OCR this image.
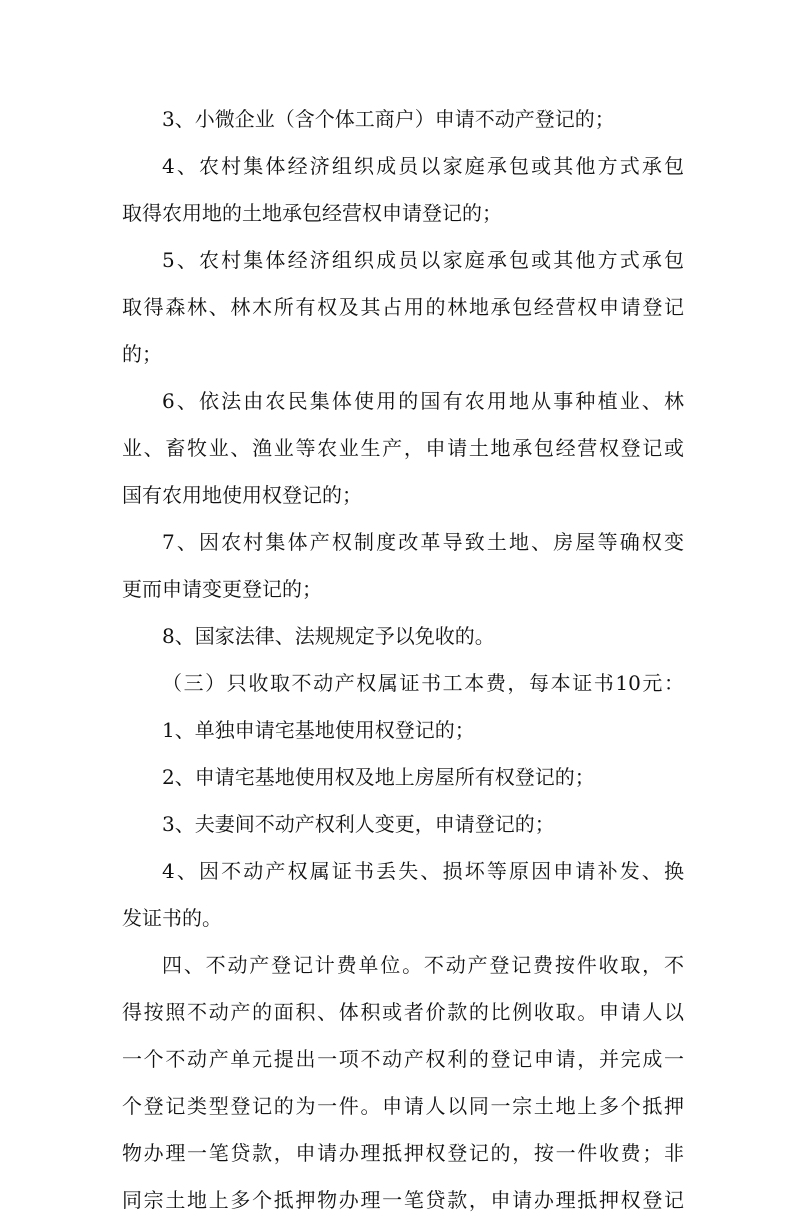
3、小微企业（含个体工商户）申请不动产登记的；
4、农村集体经济组织成员以家庭承包或其他方式承包
取得农用地的土地承包经营权申请登记的；
5、农村集体经济组织成员以家庭承包或其他方式承包
取得森林、林木所有权及其占用的林地承包经营权申请登记
的；
6、依法由农民集体使用的国有农用地从事种植业、林
业、畜牧业、渔业等农业生产，申请土地承包经营权登记或
国有农用地使用权登记的；
7、因农村集体产权制度改革导致土地、房屋等确权变
更而申请变更登记的；
8、国家法律、法规规定予以免收的。
（三）只收取不动产权属证书工本费，每本证书10元：
1、单独申请宅基地使用权登记的；
2、申请宅基地使用权及地上房屋所有权登记的；
3、夫妻间不动产权利人变更，申请登记的；
4、因不动产权属证书丢失、损坏等原因申请补发、换
发证书的。
四、不动产登记计费单位。不动产登记费按件收取，不
得按照不动产的面积、体积或者价款的比例收取。申请人以
一个不动产单元提出一项不动产权利的登记申请，并完成一
个登记类型登记的为一件。申请人以同一宗土地上多个抵押
物办理一笔贷款，申请办理抵押权登记的，按一件收费；非
同宗土地上多个抵押物办理一笔贷款，申请办理抵押权登记
